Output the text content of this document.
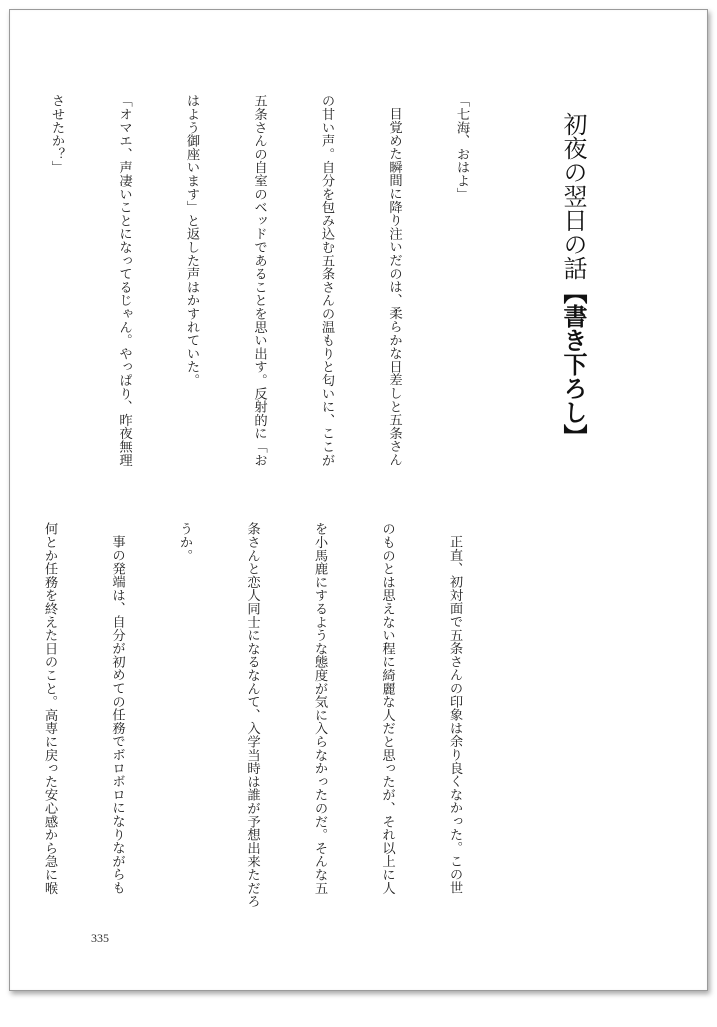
初夜の翌日の話【書き下ろし】

「七海、おはよ」

目覚めた瞬間に降り注いだのは、柔らかな日差しと五条さん

の甘い声。自分を包み込む五条さんの温もりと匂いに、ここが

五条さんの自室のベッドであることを思い出す。反射的に「お

はよう御座います」と返した声はかすれていた。

「オマエ、声凄いことになってるじゃん。やっぱり、昨夜無理

させたか？」

正直、初対面で五条さんの印象は余り良くなかった。この世

のものとは思えない程に綺麗な人だと思ったが、それ以上に人

を小馬鹿にするような態度が気に入らなかったのだ。そんな五

条さんと恋人同士になるなんて、入学当時は誰が予想出来ただろ

うか。

事の発端は、自分が初めての任務でボロボロになりながらも

何とか任務を終えた日のこと。高専に戻った安心感から急に喉

335
